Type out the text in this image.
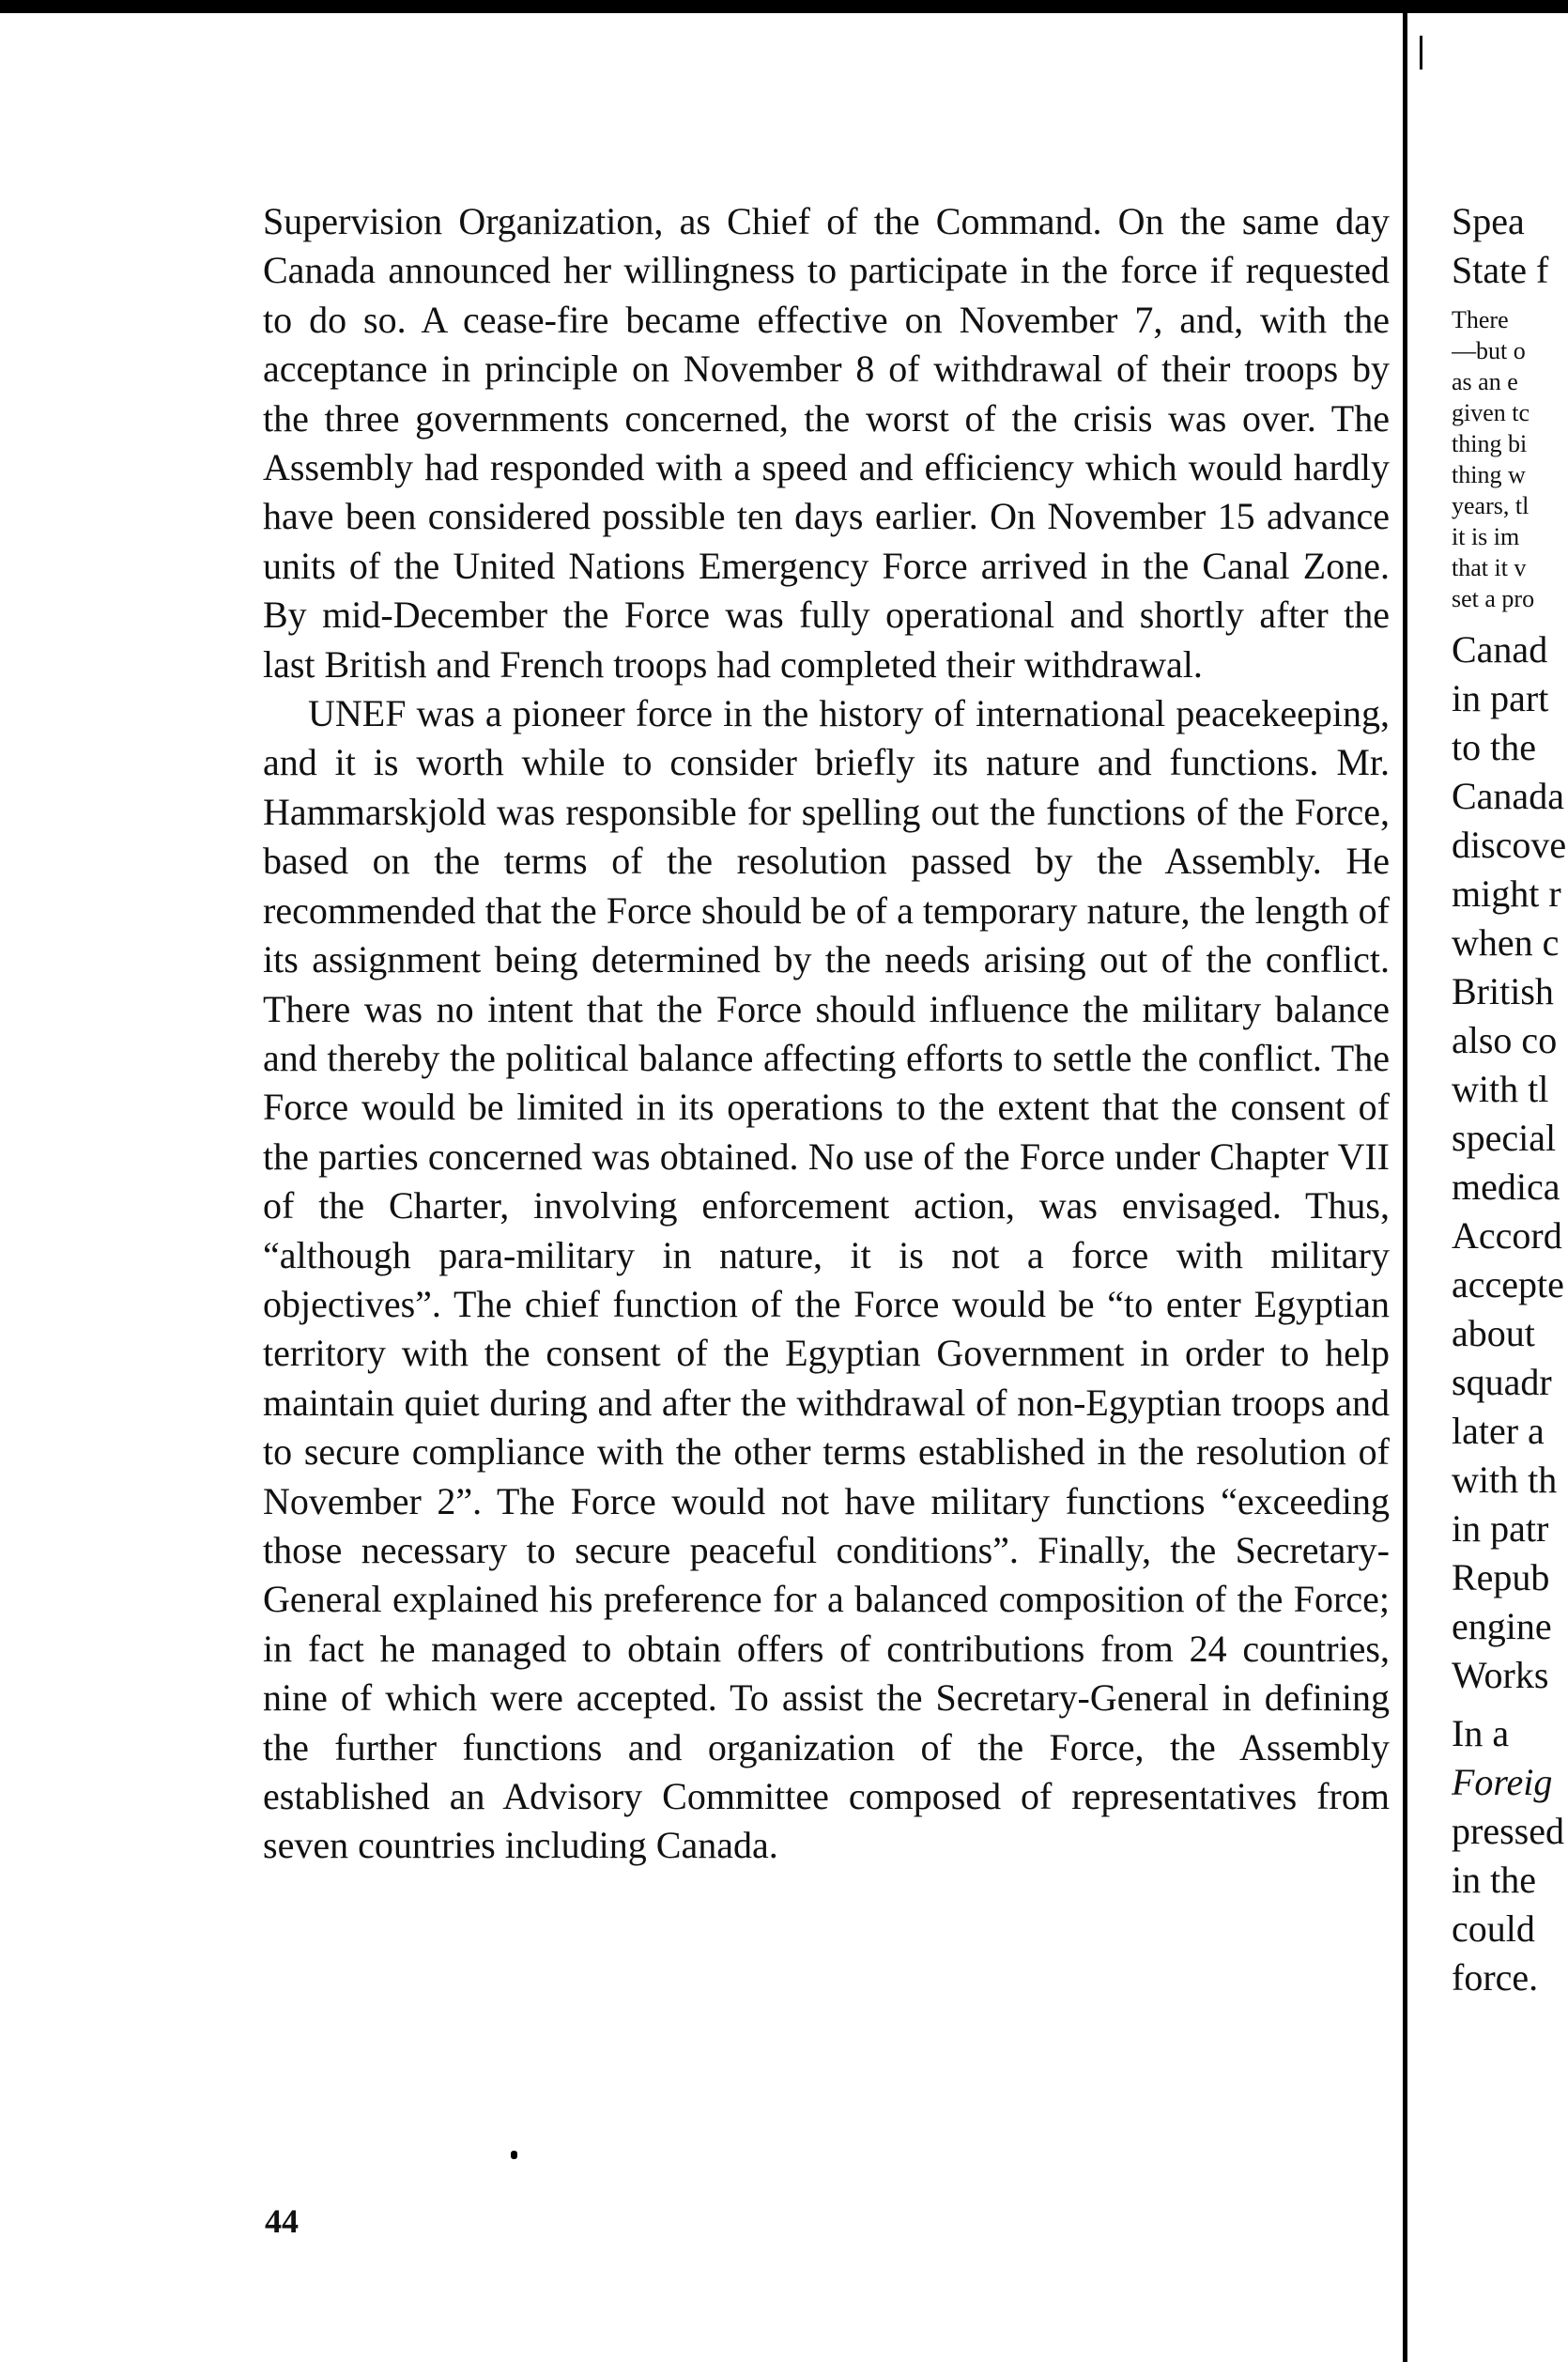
Supervision Organization, as Chief of the Command. On the same day Canada announced her willingness to participate in the force if requested to do so. A cease-fire became effective on November 7, and, with the acceptance in principle on November 8 of withdrawal of their troops by the three governments concerned, the worst of the crisis was over. The Assembly had responded with a speed and efficiency which would hardly have been considered possible ten days earlier. On November 15 advance units of the United Nations Emergency Force arrived in the Canal Zone. By mid-December the Force was fully operational and shortly after the last British and French troops had completed their withdrawal.

UNEF was a pioneer force in the history of international peacekeeping, and it is worth while to consider briefly its nature and functions. Mr. Hammarskjold was responsible for spelling out the functions of the Force, based on the terms of the resolution passed by the Assembly. He recommended that the Force should be of a temporary nature, the length of its assignment being determined by the needs arising out of the conflict. There was no intent that the Force should influence the military balance and thereby the political balance affecting efforts to settle the conflict. The Force would be limited in its operations to the extent that the consent of the parties concerned was obtained. No use of the Force under Chapter VII of the Charter, involving enforcement action, was envisaged. Thus, “although para-military in nature, it is not a force with military objectives”. The chief function of the Force would be “to enter Egyptian territory with the consent of the Egyptian Government in order to help maintain quiet during and after the withdrawal of non-Egyptian troops and to secure compliance with the other terms established in the resolution of November 2”. The Force would not have military functions “exceeding those necessary to secure peaceful conditions”. Finally, the Secretary-General explained his preference for a balanced composition of the Force; in fact he managed to obtain offers of contributions from 24 countries, nine of which were accepted. To assist the Secretary-General in defining the further functions and organization of the Force, the Assembly established an Advisory Committee composed of representatives from seven countries including Canada.

44
Spea
State f
There
—but o
as an e
given tc
thing bi
thing w
years, tl
it is im
that it v
set a pro
Canad
in part
to the
Canada
discove
might r
when c
British
also co
with tl
special
medica
Accord
accepte
about
squadr
later a
with th
in patr
Repub
engine
Works
In a
Foreig
pressed
in the
could
force.
